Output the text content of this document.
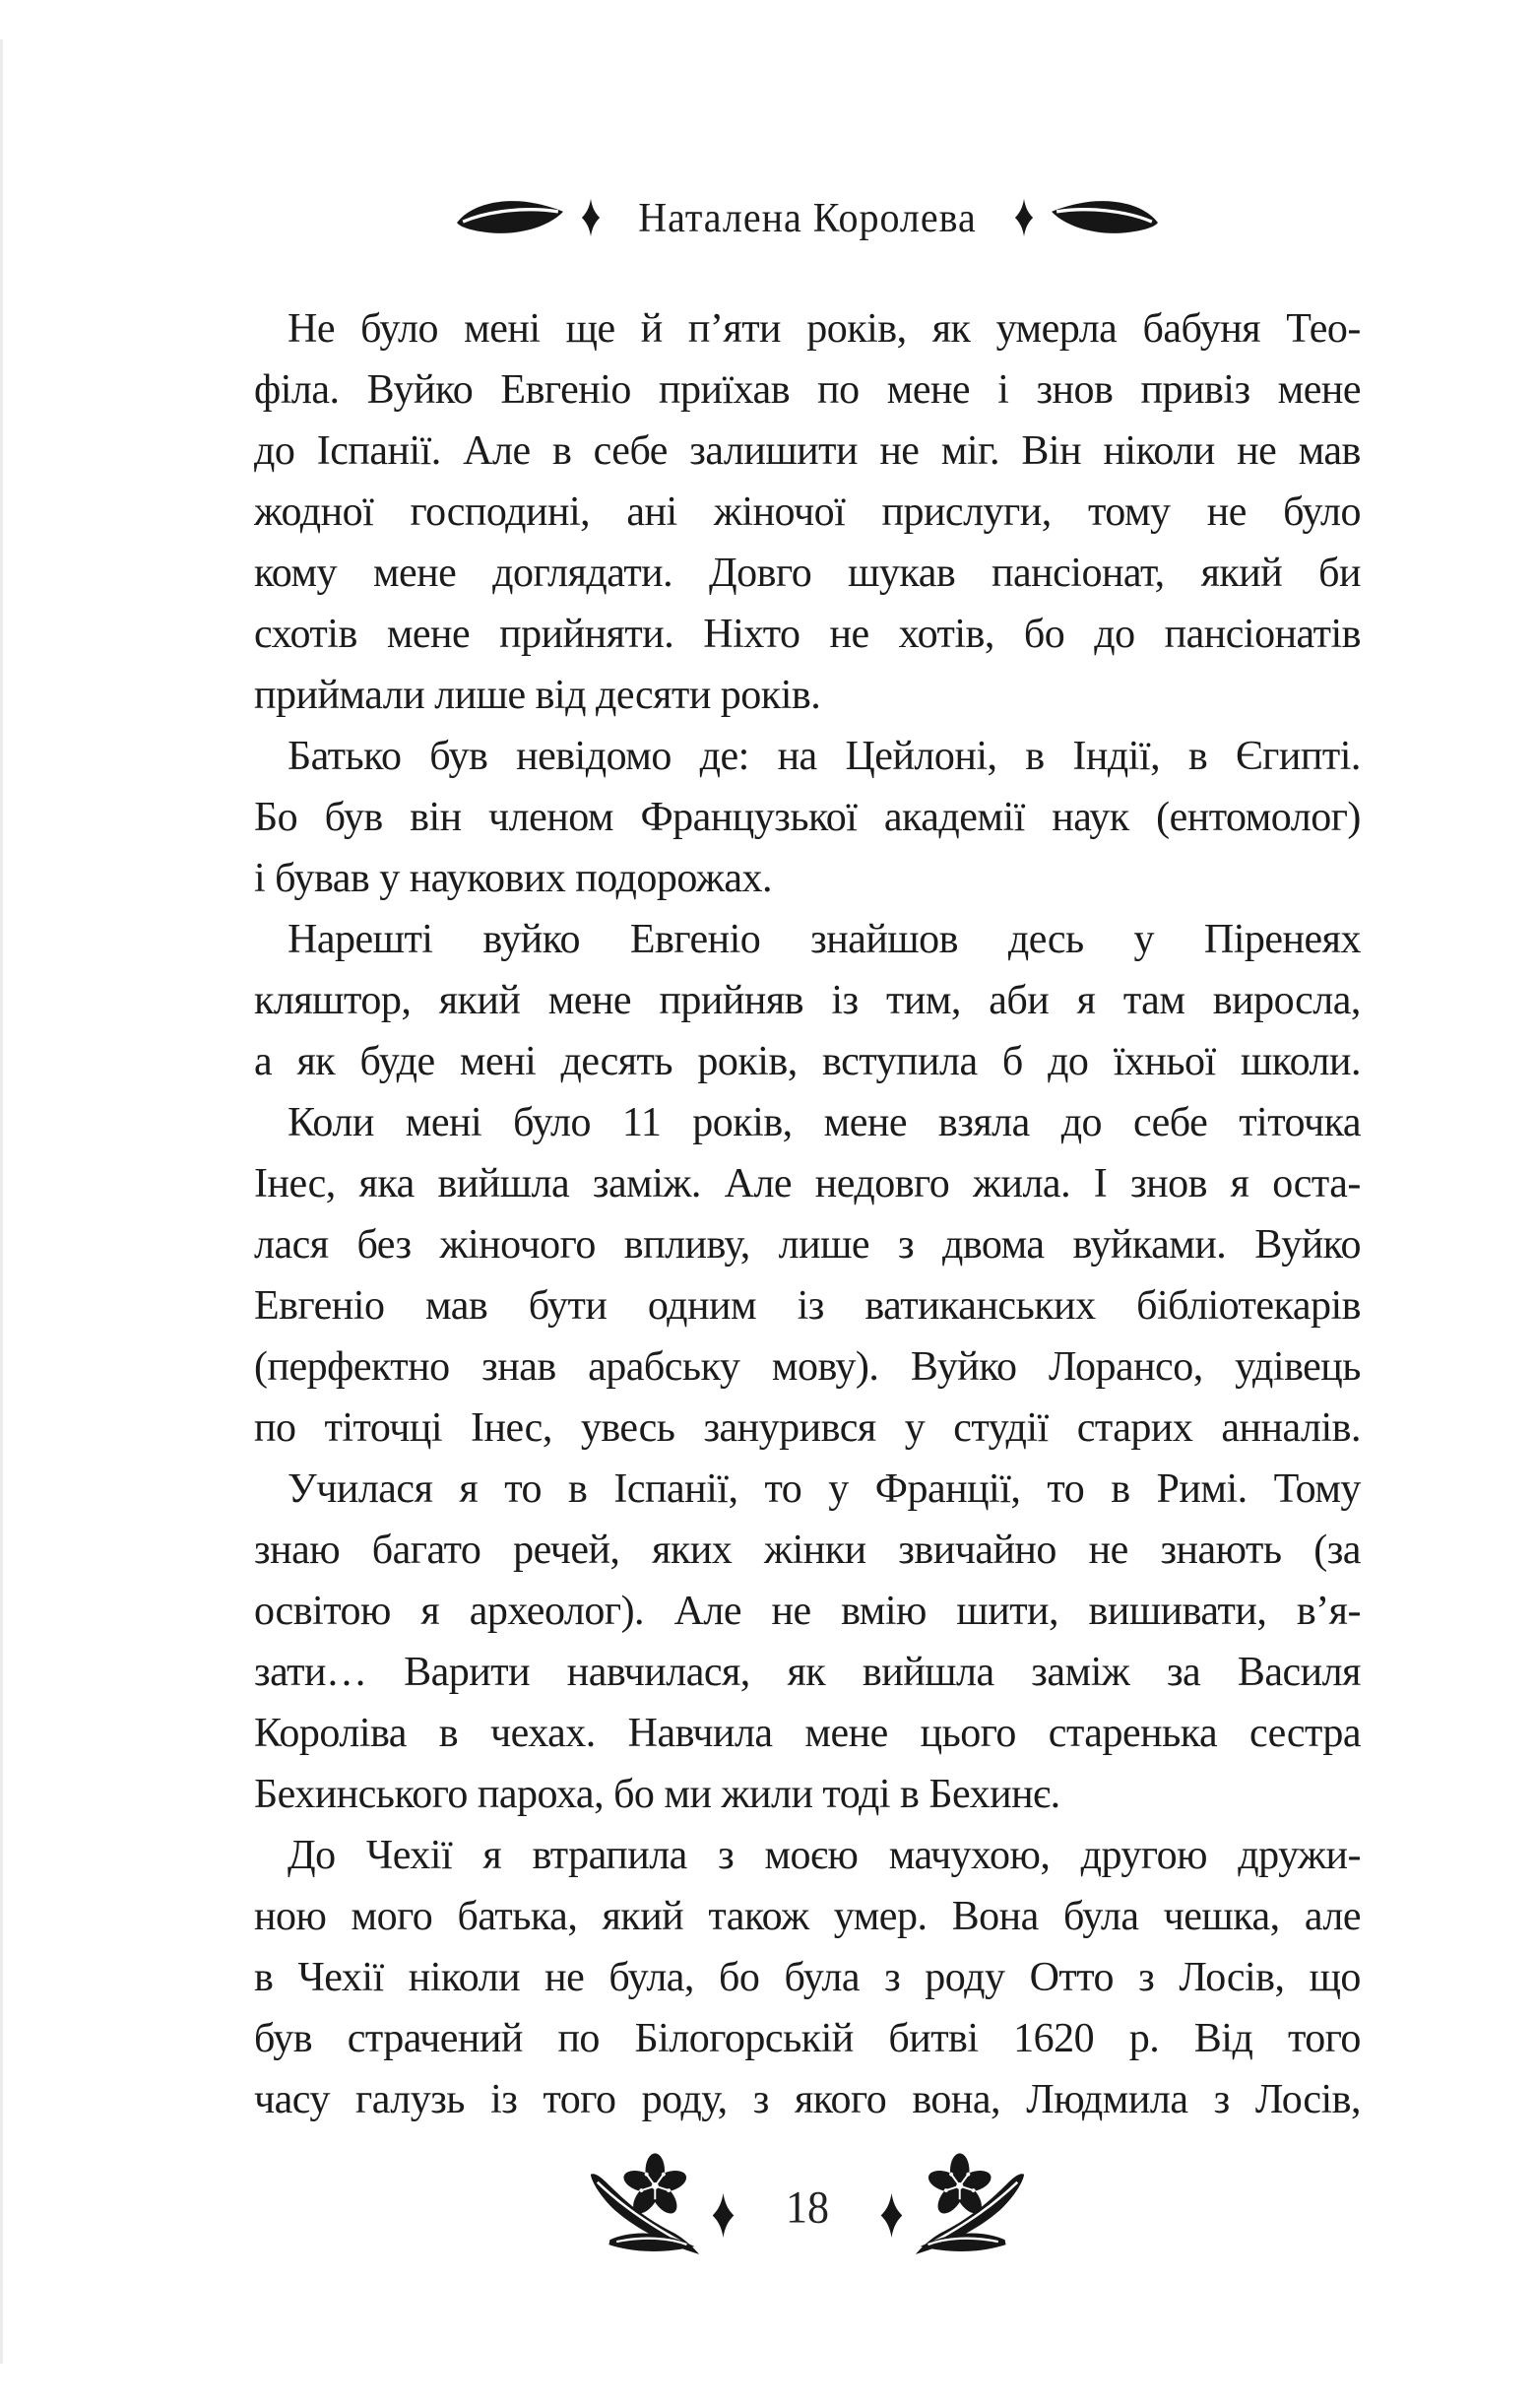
Наталена Королева
Не було мені ще й п’яти років, як умерла бабуня Тео-
філа. Вуйко Евгеніо приїхав по мене і знов привіз мене
до Іспанії. Але в себе залишити не міг. Він ніколи не мав
жодної господині, ані жіночої прислуги, тому не було
кому мене доглядати. Довго шукав пансіонат, який би
схотів мене прийняти. Ніхто не хотів, бо до пансіонатів
приймали лише від десяти років.
Батько був невідомо де: на Цейлоні, в Індії, в Єгипті.
Бо був він членом Французької академії наук (ентомолог)
і бував у наукових подорожах.
Нарешті вуйко Евгеніо знайшов десь у Піренеях
кляштор, який мене прийняв із тим, аби я там виросла,
а як буде мені десять років, вступила б до їхньої школи.
Коли мені було 11 років, мене взяла до себе тіточка
Інес, яка вийшла заміж. Але недовго жила. І знов я оста-
лася без жіночого впливу, лише з двома вуйками. Вуйко
Евгеніо мав бути одним із ватиканських бібліотекарів
(перфектно знав арабську мову). Вуйко Лорансо, удівець
по тіточці Інес, увесь занурився у студії старих анналів.
Училася я то в Іспанії, то у Франції, то в Римі. Тому
знаю багато речей, яких жінки звичайно не знають (за
освітою я археолог). Але не вмію шити, вишивати, в’я-
зати… Варити навчилася, як вийшла заміж за Василя
Короліва в чехах. Навчила мене цього старенька сестра
Бехинського пароха, бо ми жили тоді в Бехинє.
До Чехії я втрапила з моєю мачухою, другою дружи-
ною мого батька, який також умер. Вона була чешка, але
в Чехії ніколи не була, бо була з роду Отто з Лосів, що
був страчений по Білогорській битві 1620 р. Від того
часу галузь із того роду, з якого вона, Людмила з Лосів,
18
